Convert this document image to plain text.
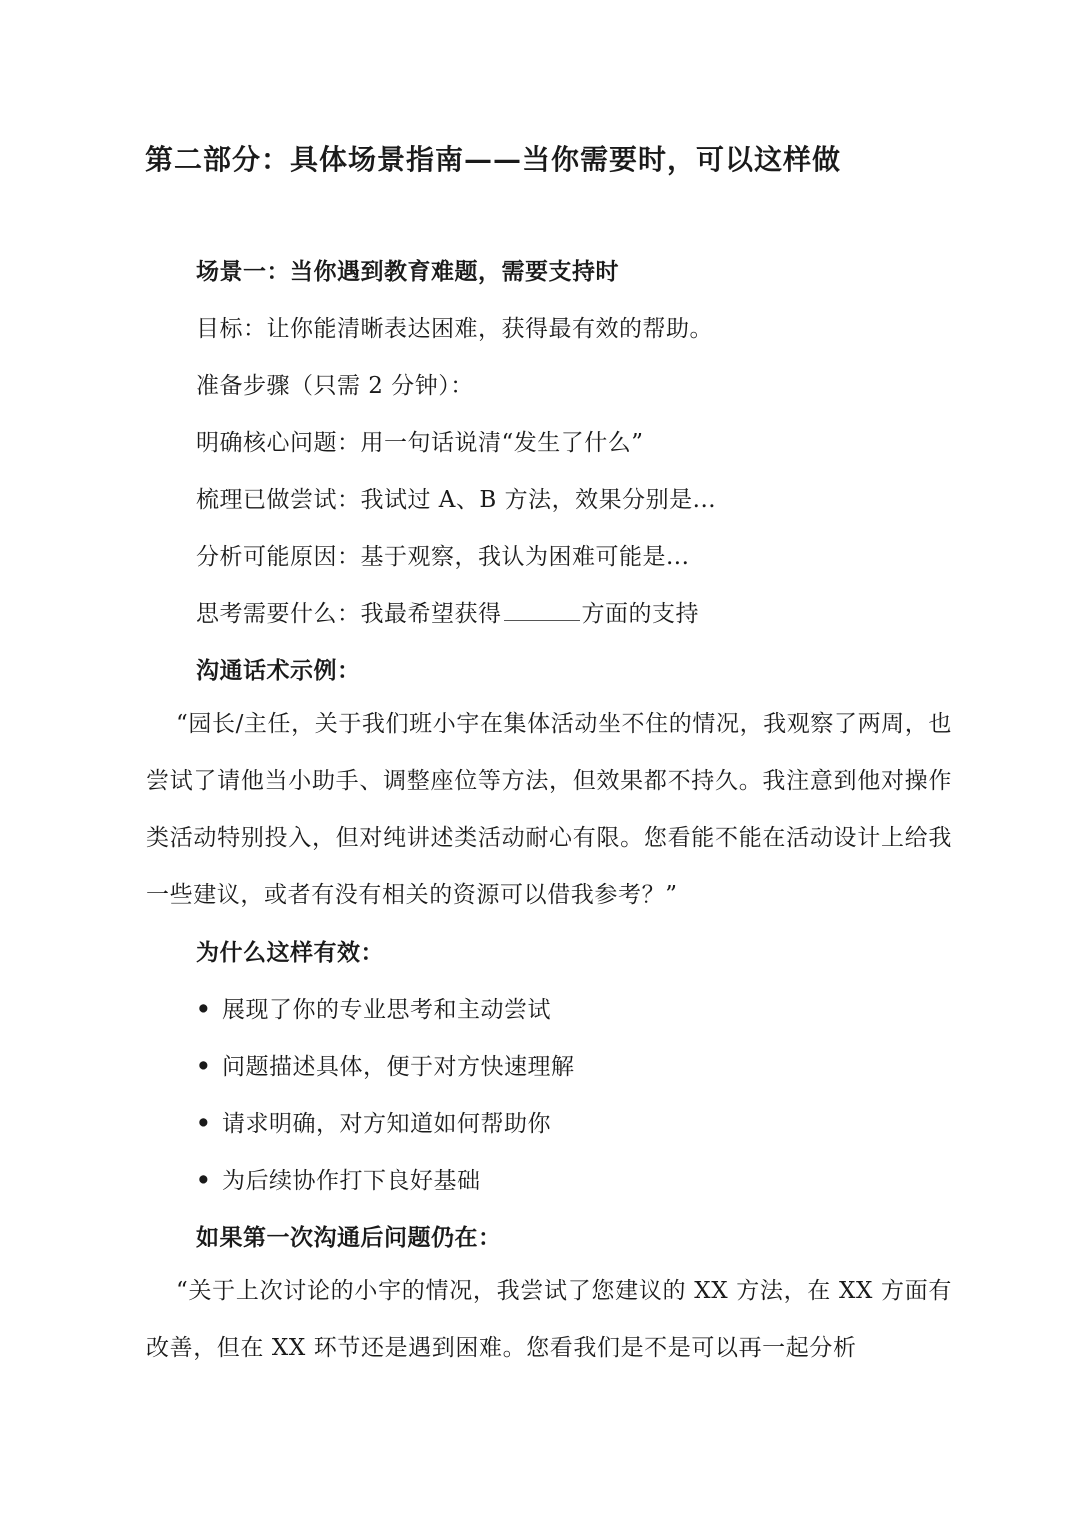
第二部分：具体场景指南——当你需要时，可以这样做
场景一：当你遇到教育难题，需要支持时
目标：让你能清晰表达困难，获得最有效的帮助。
准备步骤（只需 2 分钟）：
明确核心问题：用一句话说清“发生了什么”
梳理已做尝试：我试过 A、B 方法，效果分别是...
分析可能原因：基于观察，我认为困难可能是...
思考需要什么：我最希望获得	方面的支持
沟通话术示例：
“园长/主任，关于我们班小宇在集体活动坐不住的情况，我观察了两周，也尝试了请他当小助手、调整座位等方法，但效果都不持久。我注意到他对操作类活动特别投入，但对纯讲述类活动耐心有限。您看能不能在活动设计上给我一些建议，或者有没有相关的资源可以借我参考？”
为什么这样有效：
• 展现了你的专业思考和主动尝试
• 问题描述具体，便于对方快速理解
• 请求明确，对方知道如何帮助你
• 为后续协作打下良好基础
如果第一次沟通后问题仍在：
“关于上次讨论的小宇的情况，我尝试了您建议的 XX 方法，在 XX 方面有改善，但在 XX 环节还是遇到困难。您看我们是不是可以再一起分析
